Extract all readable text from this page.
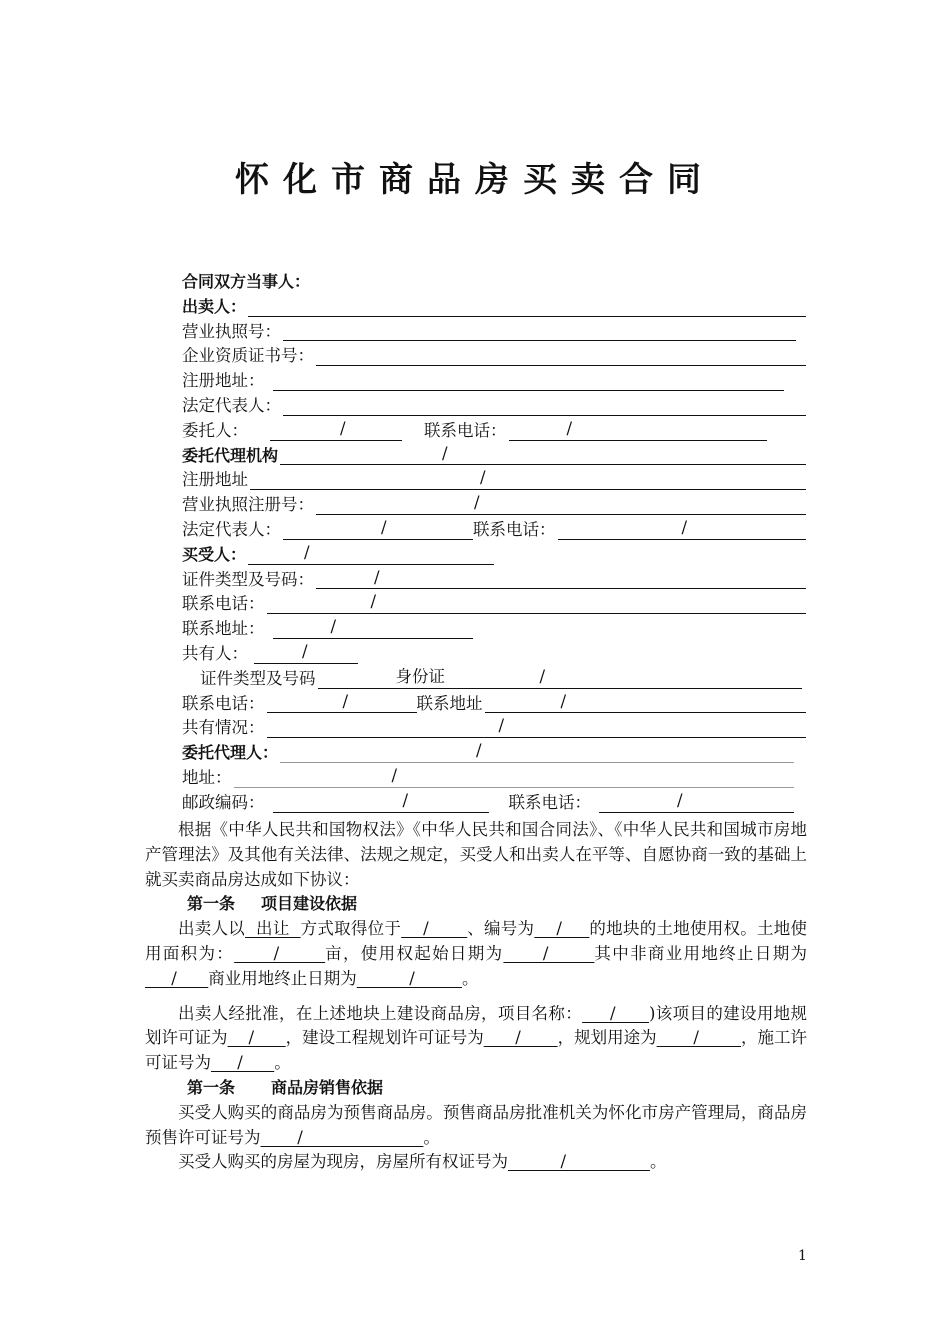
怀化市商品房买卖合同
合同双方当事人：
出卖人：
营业执照号：
企业资质证书号：
注册地址：
法定代表人：
委托人：	/	联系电话：	/
委托代理机构	/
注册地址	/
营业执照注册号：	/
法定代表人：	/	联系电话：	/
买受人：	/
证件类型及号码：	/
联系电话：	/
联系地址：	/
共有人：	/
证件类型及号码	身份证	/
联系电话：	/	联系地址	/
共有情况：	/
委托代理人：	/
地址：	/
邮政编码：	/	联系电话：	/

根据《中华人民共和国物权法》《中华人民共和国合同法》、《中华人民共和国城市房地产管理法》及其他有关法律、法规之规定，买受人和出卖人在平等、自愿协商一致的基础上就买卖商品房达成如下协议：

第一条 项目建设依据

出卖人以  出让  方式取得位于    /       、编号为    /     的地块的土地使用权。土地使用面积为：      /       亩，使用权起始日期为      /       其中非商业用地终止日期为     /      商业用地终止日期为          /         。

出卖人经批准，在上述地块上建设商品房，项目名称：     /      )该项目的建设用地规划许可证为    /      ，建设工程规划许可证号为      /       ，规划用途为       /        ，施工许可证号为     /      。

第一条 商品房销售依据

买受人购买的商品房为预售商品房。预售商品房批准机关为怀化市房产管理局，商品房预售许可证号为       /                       。

买受人购买的房屋为现房，房屋所有权证号为          /                。

1
